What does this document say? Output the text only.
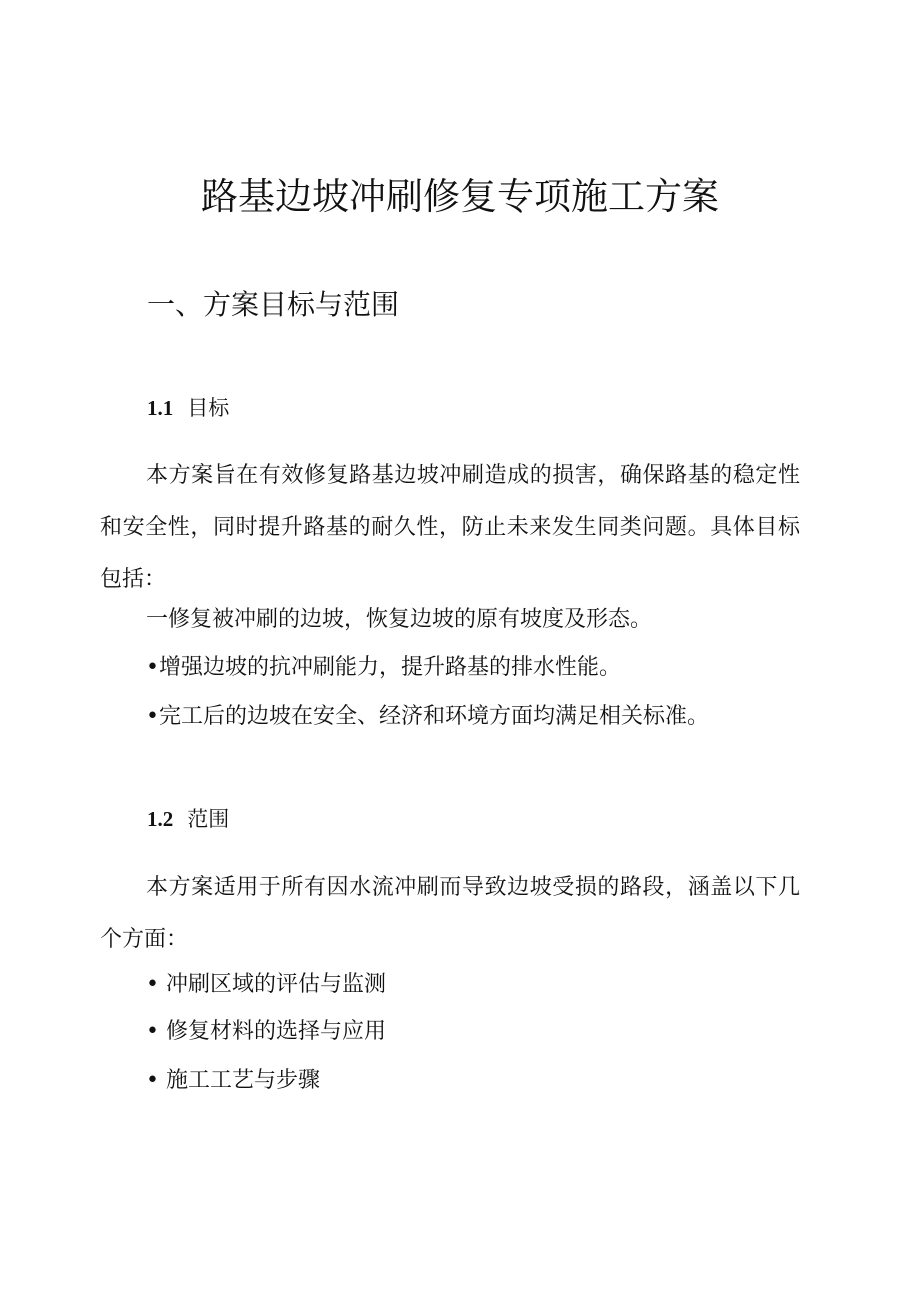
路基边坡冲刷修复专项施工方案
一、方案目标与范围
1.1 目标
本方案旨在有效修复路基边坡冲刷造成的损害，确保路基的稳定性和安全性，同时提升路基的耐久性，防止未来发生同类问题。具体目标包括：
一修复被冲刷的边坡，恢复边坡的原有坡度及形态。
•增强边坡的抗冲刷能力，提升路基的排水性能。
•完工后的边坡在安全、经济和环境方面均满足相关标准。
1.2 范围
本方案适用于所有因水流冲刷而导致边坡受损的路段，涵盖以下几个方面：
• 冲刷区域的评估与监测
• 修复材料的选择与应用
• 施工工艺与步骤
